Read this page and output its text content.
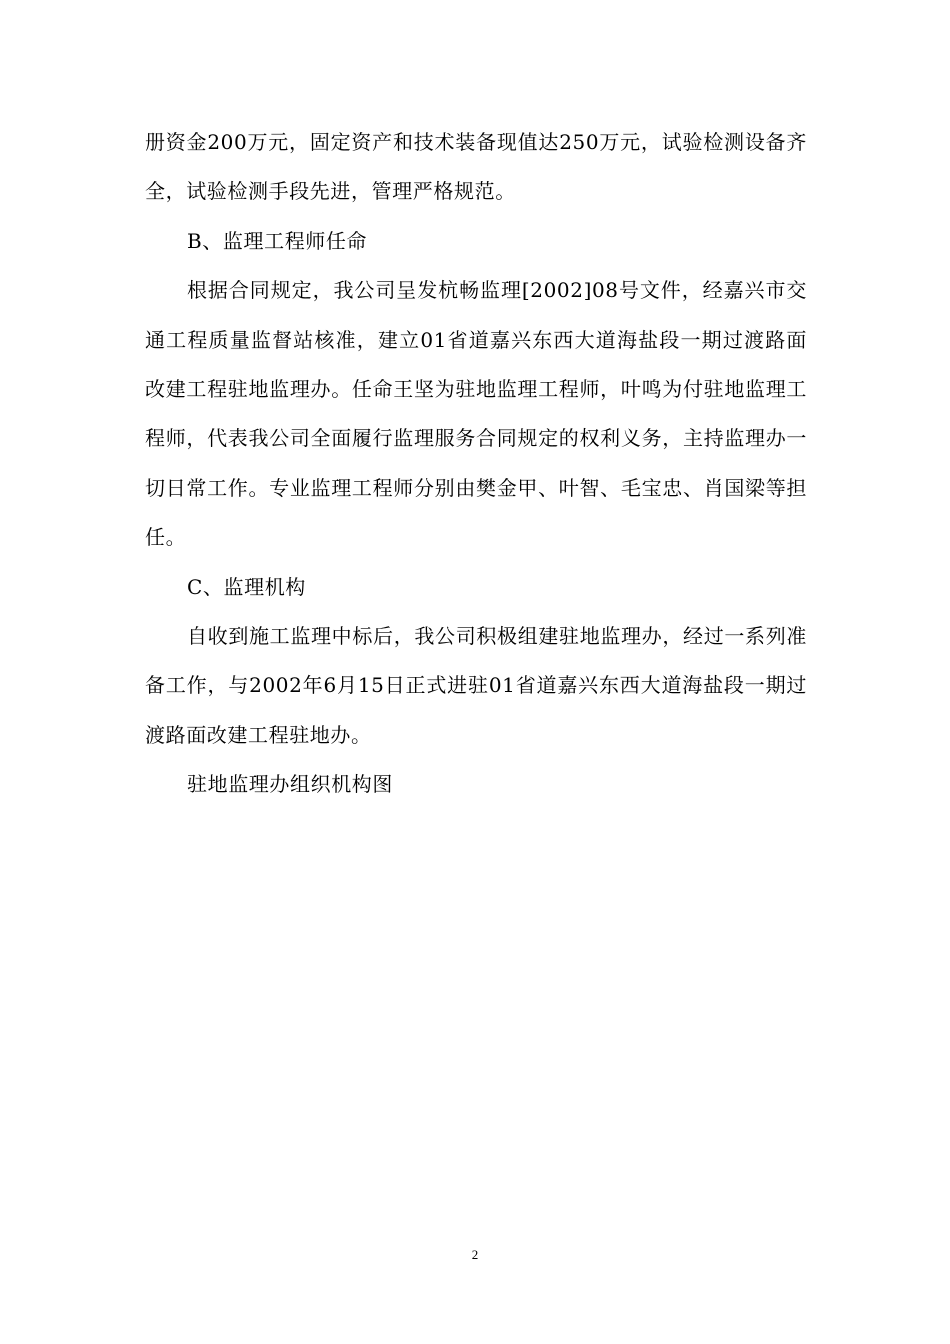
册资金200万元，固定资产和技术装备现值达250万元，试验检测设备齐全，试验检测手段先进，管理严格规范。

B、监理工程师任命

根据合同规定，我公司呈发杭畅监理[2002]08号文件，经嘉兴市交通工程质量监督站核准，建立01省道嘉兴东西大道海盐段一期过渡路面改建工程驻地监理办。任命王坚为驻地监理工程师，叶鸣为付驻地监理工程师，代表我公司全面履行监理服务合同规定的权利义务，主持监理办一切日常工作。专业监理工程师分别由樊金甲、叶智、毛宝忠、肖国梁等担任。

C、监理机构

自收到施工监理中标后，我公司积极组建驻地监理办，经过一系列准备工作，与2002年6月15日正式进驻01省道嘉兴东西大道海盐段一期过渡路面改建工程驻地办。

驻地监理办组织机构图

2
